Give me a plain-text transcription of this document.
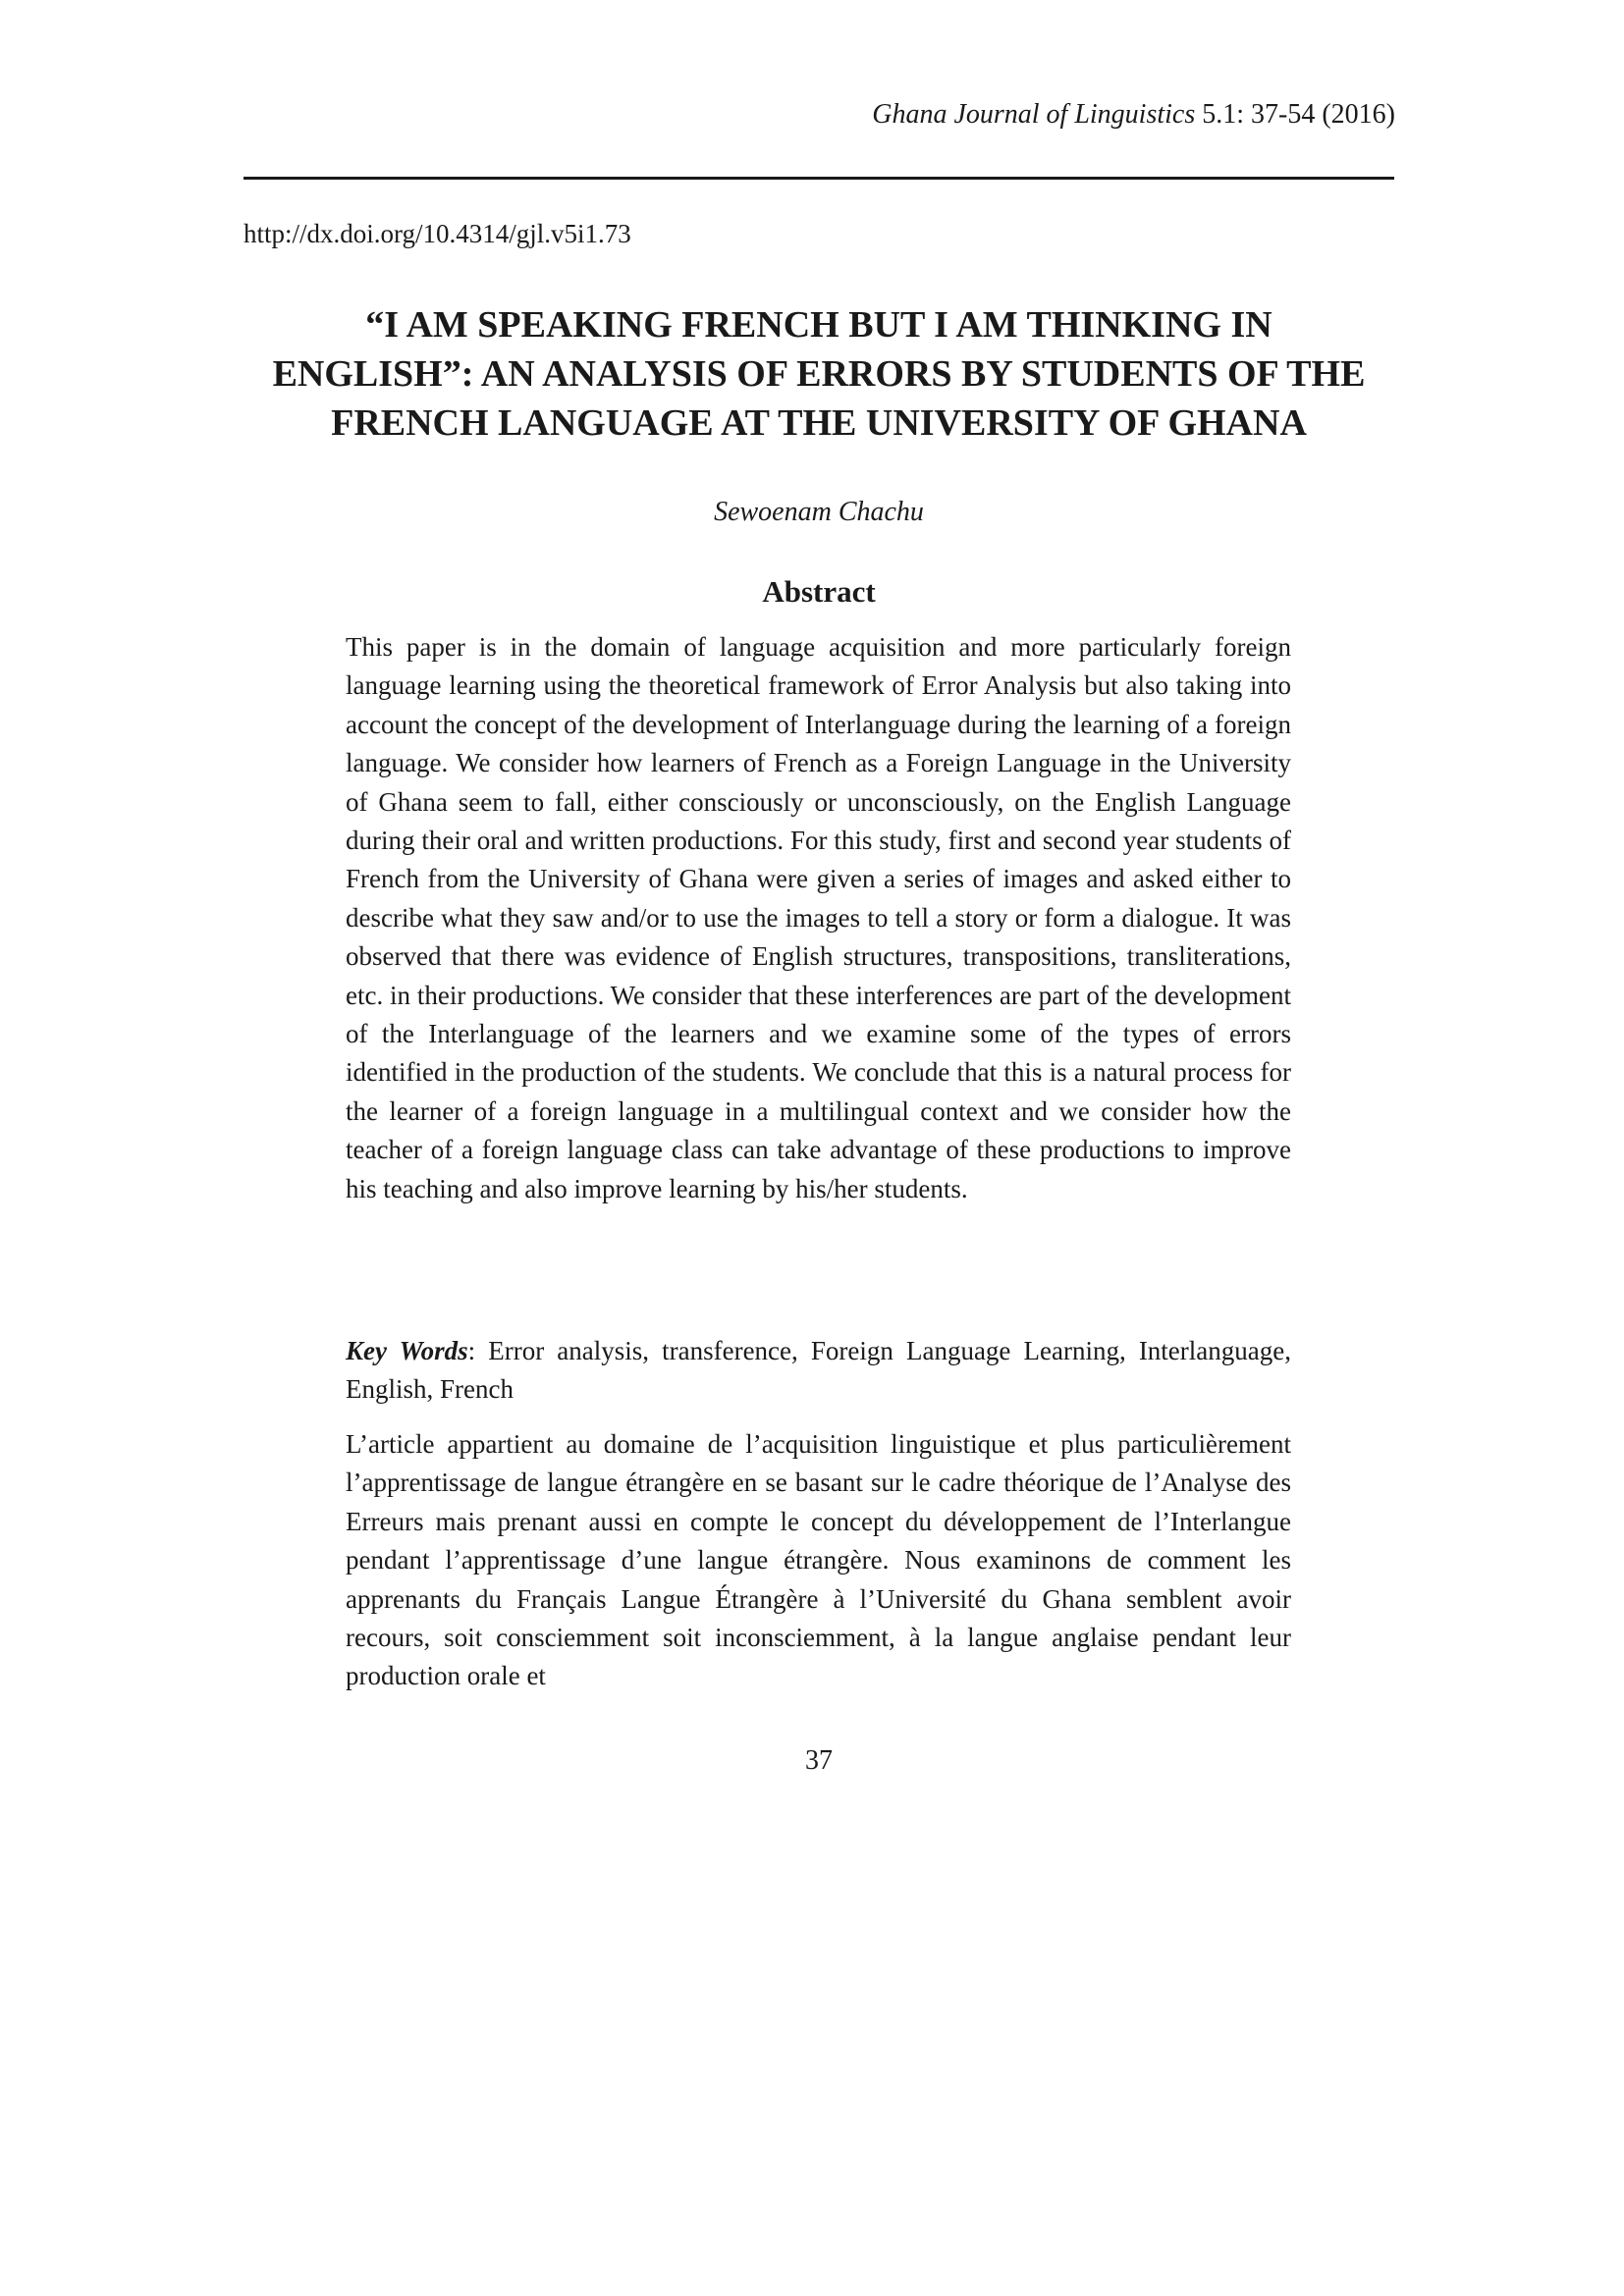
Ghana Journal of Linguistics 5.1: 37-54 (2016)
http://dx.doi.org/10.4314/gjl.v5i1.73
“I AM SPEAKING FRENCH BUT I AM THINKING IN
ENGLISH”: AN ANALYSIS OF ERRORS BY STUDENTS OF THE
FRENCH LANGUAGE AT THE UNIVERSITY OF GHANA
Sewoenam Chachu
Abstract

This paper is in the domain of language acquisition and more particularly foreign language learning using the theoretical framework of Error Analysis but also taking into account the concept of the development of Interlanguage during the learning of a foreign language. We consider how learners of French as a Foreign Language in the University of Ghana seem to fall, either consciously or unconsciously, on the English Language during their oral and written productions. For this study, first and second year students of French from the University of Ghana were given a series of images and asked either to describe what they saw and/or to use the images to tell a story or form a dialogue. It was observed that there was evidence of English structures, transpositions, transliterations, etc. in their productions. We consider that these interferences are part of the development of the Interlanguage of the learners and we examine some of the types of errors identified in the production of the students. We conclude that this is a natural process for the learner of a foreign language in a multilingual context and we consider how the teacher of a foreign language class can take advantage of these productions to improve his teaching and also improve learning by his/her students.

Key Words: Error analysis, transference, Foreign Language Learning, Interlanguage, English, French

L’article appartient au domaine de l’acquisition linguistique et plus particulièrement l’apprentissage de langue étrangère en se basant sur le cadre théorique de l’Analyse des Erreurs mais prenant aussi en compte le concept du développement de l’Interlangue pendant l’apprentissage d’une langue étrangère. Nous examinons de comment les apprenants du Français Langue Étrangère à l’Université du Ghana semblent avoir recours, soit consciemment soit inconsciemment, à la langue anglaise pendant leur production orale et

37
